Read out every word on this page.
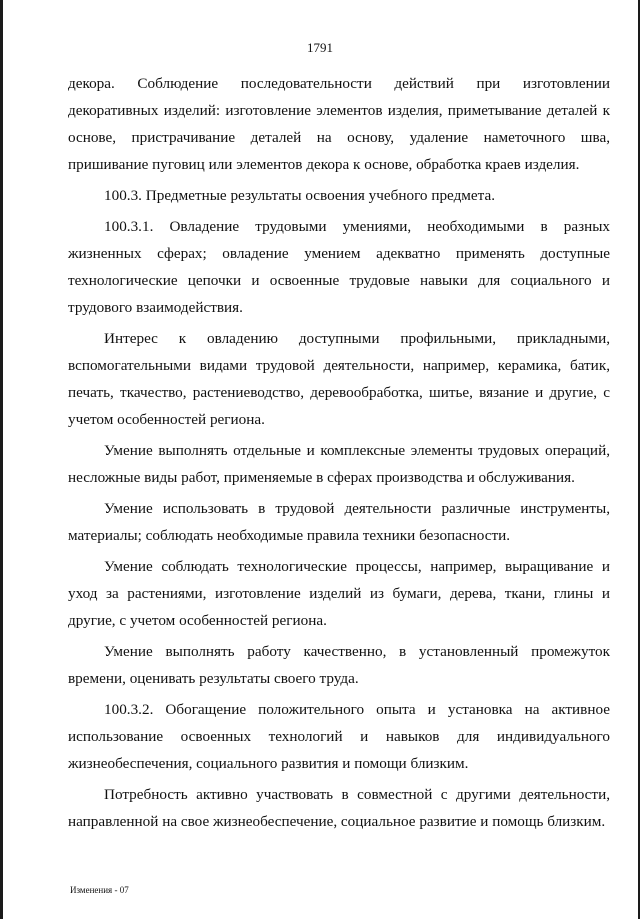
1791

декора. Соблюдение последовательности действий при изготовлении декоративных изделий: изготовление элементов изделия, приметывание деталей к основе, пристрачивание деталей на основу, удаление наметочного шва, пришивание пуговиц или элементов декора к основе, обработка краев изделия.

100.3. Предметные результаты освоения учебного предмета.

100.3.1. Овладение трудовыми умениями, необходимыми в разных жизненных сферах; овладение умением адекватно применять доступные технологические цепочки и освоенные трудовые навыки для социального и трудового взаимодействия.

Интерес к овладению доступными профильными, прикладными, вспомогательными видами трудовой деятельности, например, керамика, батик, печать, ткачество, растениеводство, деревообработка, шитье, вязание и другие, с учетом особенностей региона.

Умение выполнять отдельные и комплексные элементы трудовых операций, несложные виды работ, применяемые в сферах производства и обслуживания.

Умение использовать в трудовой деятельности различные инструменты, материалы; соблюдать необходимые правила техники безопасности.

Умение соблюдать технологические процессы, например, выращивание и уход за растениями, изготовление изделий из бумаги, дерева, ткани, глины и другие, с учетом особенностей региона.

Умение выполнять работу качественно, в установленный промежуток времени, оценивать результаты своего труда.

100.3.2. Обогащение положительного опыта и установка на активное использование освоенных технологий и навыков для индивидуального жизнеобеспечения, социального развития и помощи близким.

Потребность активно участвовать в совместной с другими деятельности, направленной на свое жизнеобеспечение, социальное развитие и помощь близким.

Изменения - 07
